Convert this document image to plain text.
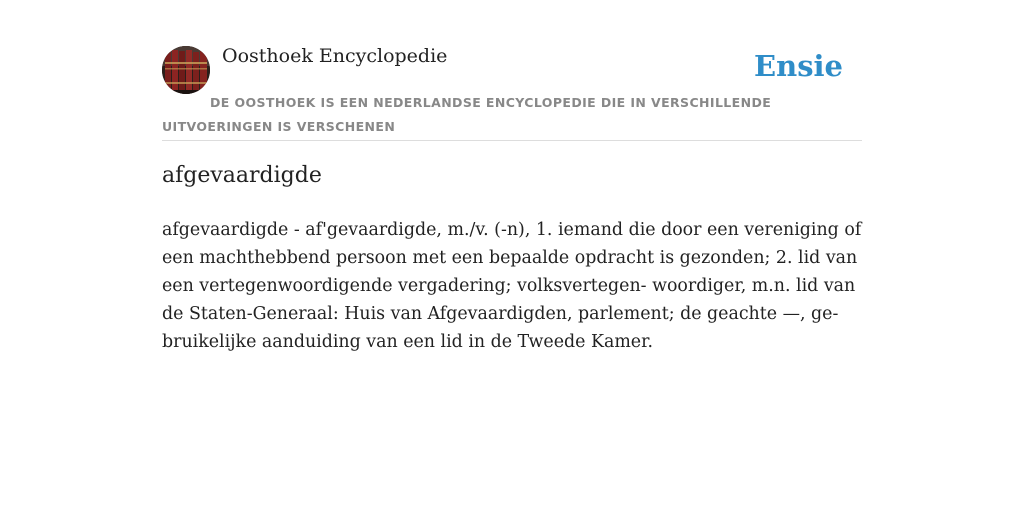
Oosthoek Encyclopedie	Ensie
DE OOSTHOEK IS EEN NEDERLANDSE ENCYCLOPEDIE DIE IN VERSCHILLENDE UITVOERINGEN IS VERSCHENEN
afgevaardigde

afgevaardigde - af'gevaardigde, m./v. (-n), 1. iemand die door een vereniging of een machthebbend persoon met een bepaalde opdracht is gezonden; 2. lid van een vertegenwoordigende vergadering; volksvertegen- woordiger, m.n. lid van de Staten-Generaal: Huis van Afgevaardigden, parlement; de geachte —, ge- bruikelijke aanduiding van een lid in de Tweede Kamer.
